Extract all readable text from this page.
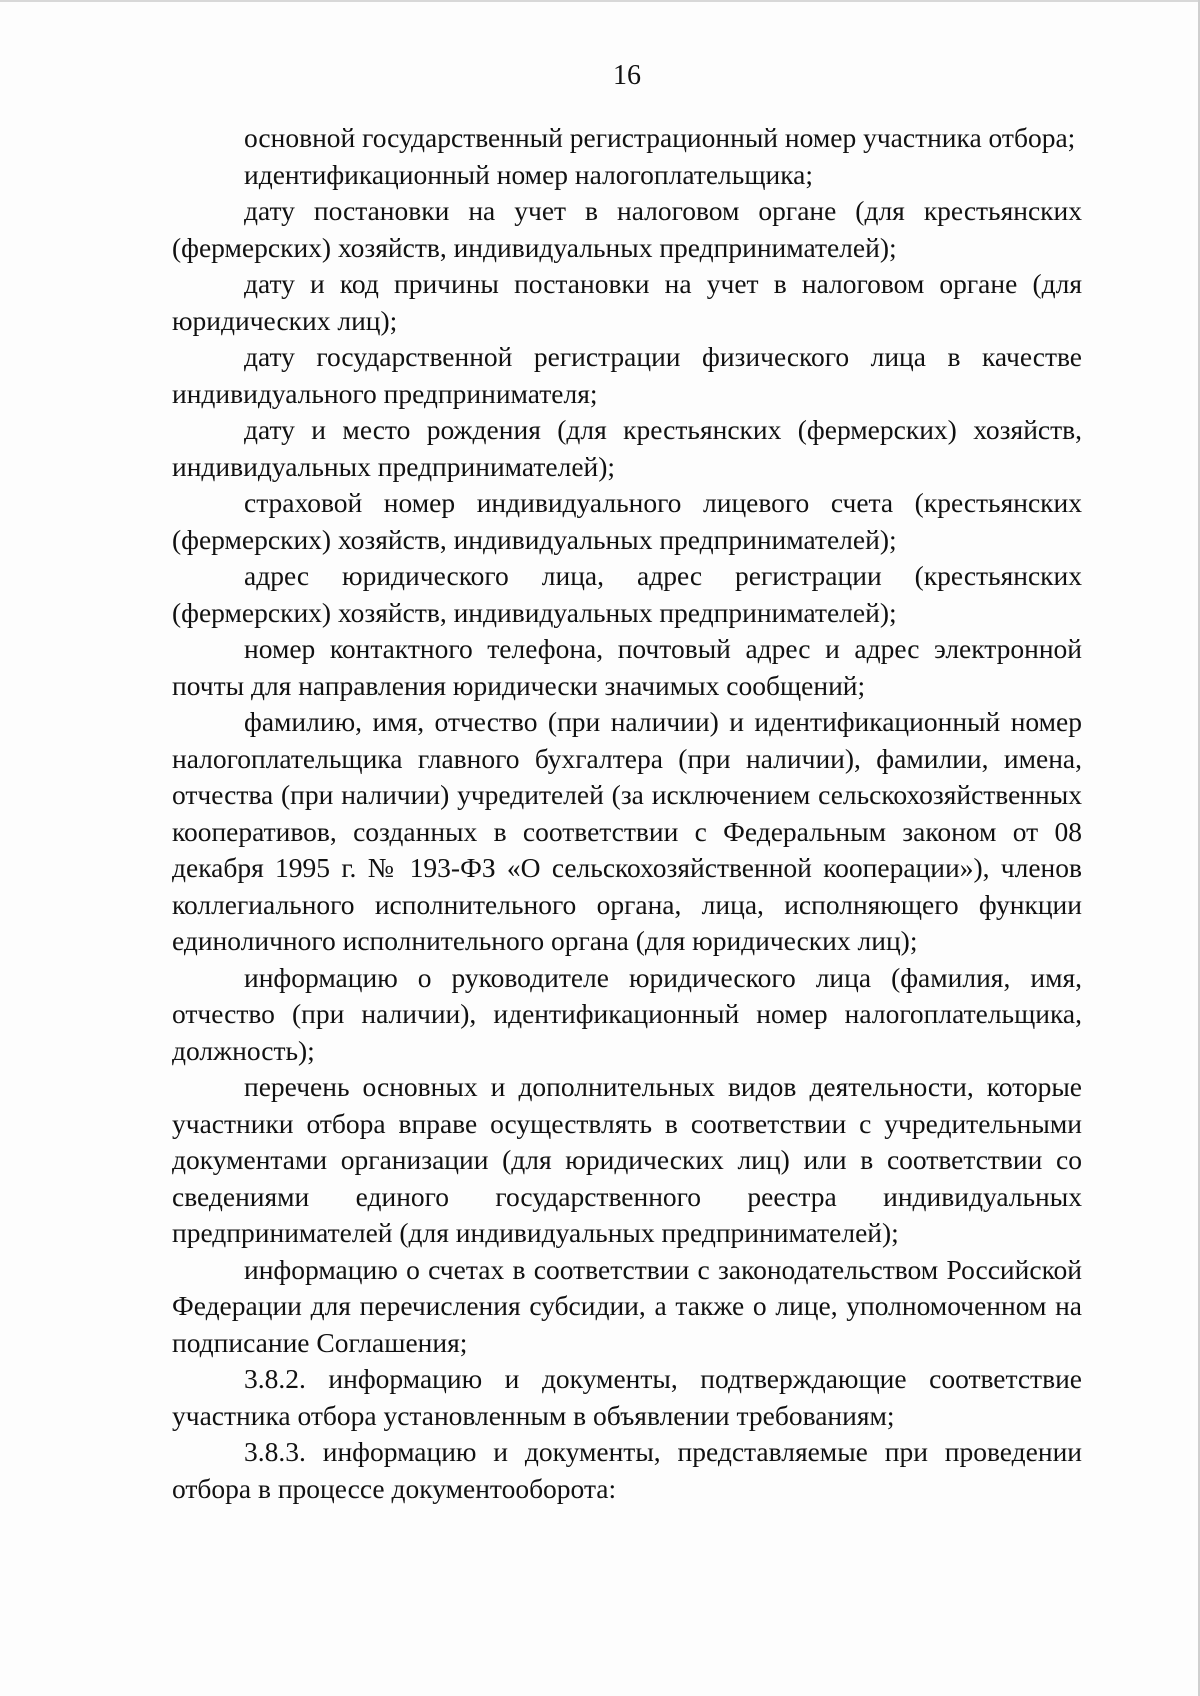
16

основной государственный регистрационный номер участника отбора;

идентификационный номер налогоплательщика;

дату постановки на учет в налоговом органе (для крестьянских (фермерских) хозяйств, индивидуальных предпринимателей);

дату и код причины постановки на учет в налоговом органе (для юридических лиц);

дату государственной регистрации физического лица в качестве индивидуального предпринимателя;

дату и место рождения (для крестьянских (фермерских) хозяйств, индивидуальных предпринимателей);

страховой номер индивидуального лицевого счета (крестьянских (фермерских) хозяйств, индивидуальных предпринимателей);

адрес юридического лица, адрес регистрации (крестьянских (фермерских) хозяйств, индивидуальных предпринимателей);

номер контактного телефона, почтовый адрес и адрес электронной почты для направления юридически значимых сообщений;

фамилию, имя, отчество (при наличии) и идентификационный номер налогоплательщика главного бухгалтера (при наличии), фамилии, имена, отчества (при наличии) учредителей (за исключением сельскохозяйственных кооперативов, созданных в соответствии с Федеральным законом от 08 декабря 1995 г. № 193-ФЗ «О сельскохозяйственной кооперации»), членов коллегиального исполнительного органа, лица, исполняющего функции единоличного исполнительного органа (для юридических лиц);

информацию о руководителе юридического лица (фамилия, имя, отчество (при наличии), идентификационный номер налогоплательщика, должность);

перечень основных и дополнительных видов деятельности, которые участники отбора вправе осуществлять в соответствии с учредительными документами организации (для юридических лиц) или в соответствии со сведениями единого государственного реестра индивидуальных предпринимателей (для индивидуальных предпринимателей);

информацию о счетах в соответствии с законодательством Российской Федерации для перечисления субсидии, а также о лице, уполномоченном на подписание Соглашения;

3.8.2. информацию и документы, подтверждающие соответствие участника отбора установленным в объявлении требованиям;

3.8.3. информацию и документы, представляемые при проведении отбора в процессе документооборота:
